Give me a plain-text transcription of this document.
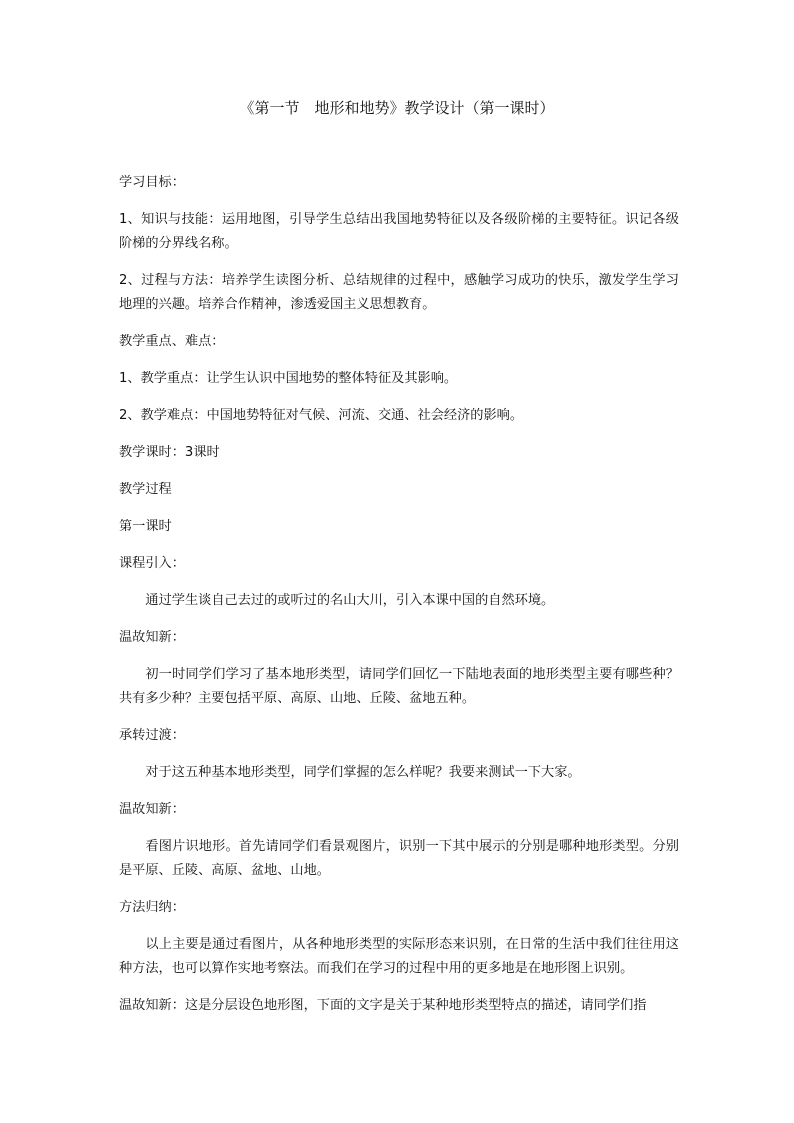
《第一节　地形和地势》教学设计（第一课时）

学习目标：

1、知识与技能：运用地图，引导学生总结出我国地势特征以及各级阶梯的主要特征。识记各级阶梯的分界线名称。

2、过程与方法：培养学生读图分析、总结规律的过程中，感触学习成功的快乐，激发学生学习地理的兴趣。培养合作精神，渗透爱国主义思想教育。

教学重点、难点：

1、教学重点：让学生认识中国地势的整体特征及其影响。

2、教学难点：中国地势特征对气候、河流、交通、社会经济的影响。

教学课时：3课时

教学过程

第一课时

课程引入：

通过学生谈自己去过的或听过的名山大川，引入本课中国的自然环境。

温故知新：

初一时同学们学习了基本地形类型，请同学们回忆一下陆地表面的地形类型主要有哪些种？共有多少种？主要包括平原、高原、山地、丘陵、盆地五种。

承转过渡：

对于这五种基本地形类型，同学们掌握的怎么样呢？我要来测试一下大家。

温故知新：

看图片识地形。首先请同学们看景观图片，识别一下其中展示的分别是哪种地形类型。分别是平原、丘陵、高原、盆地、山地。

方法归纳：

以上主要是通过看图片，从各种地形类型的实际形态来识别，在日常的生活中我们往往用这种方法，也可以算作实地考察法。而我们在学习的过程中用的更多地是在地形图上识别。

温故知新：这是分层设色地形图，下面的文字是关于某种地形类型特点的描述，请同学们指
